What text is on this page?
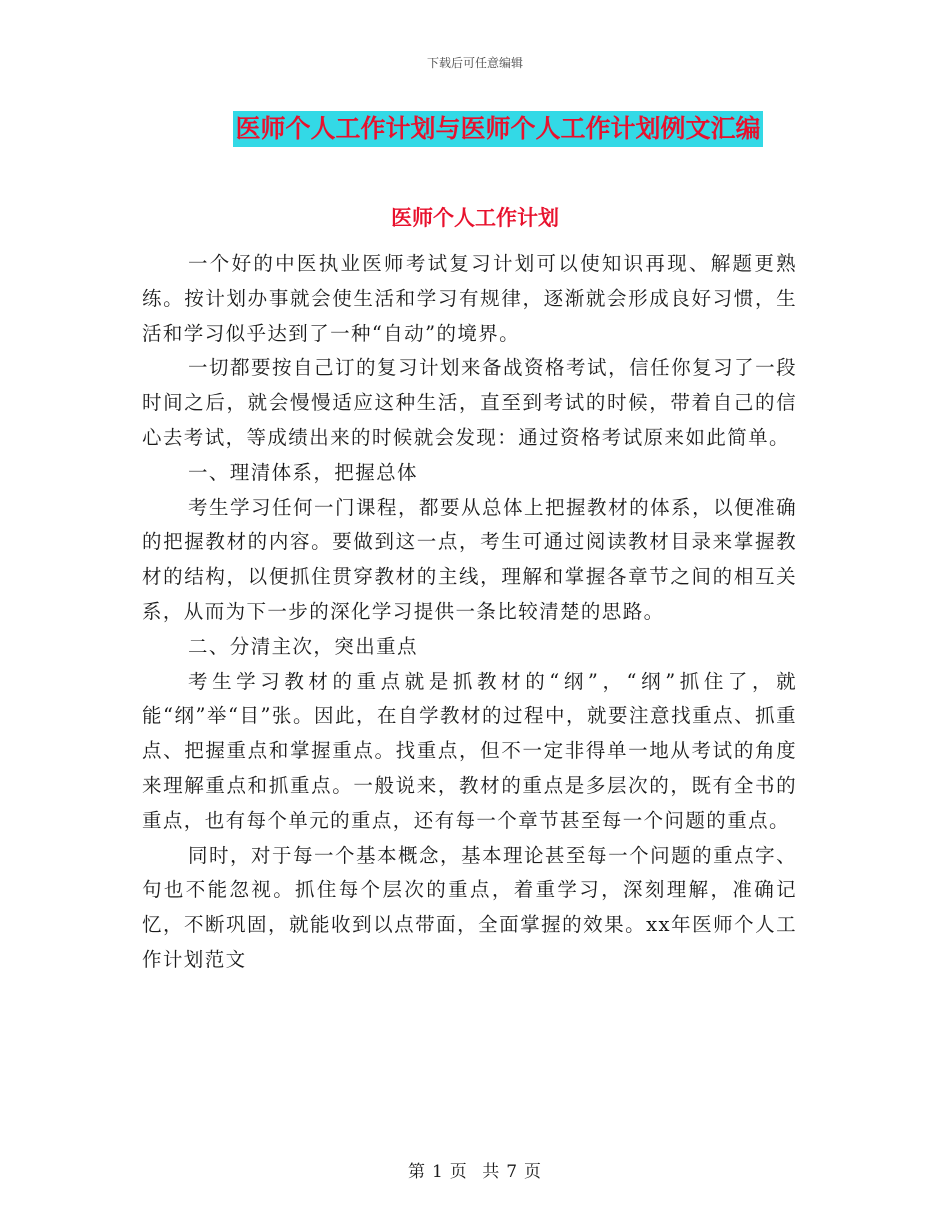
下载后可任意编辑
医师个人工作计划与医师个人工作计划例文汇编
医师个人工作计划

一个好的中医执业医师考试复习计划可以使知识再现、解题更熟练。按计划办事就会使生活和学习有规律，逐渐就会形成良好习惯，生活和学习似乎达到了一种“自动”的境界。

一切都要按自己订的复习计划来备战资格考试，信任你复习了一段时间之后，就会慢慢适应这种生活，直至到考试的时候，带着自己的信心去考试，等成绩出来的时候就会发现：通过资格考试原来如此简单。

一、理清体系，把握总体

考生学习任何一门课程，都要从总体上把握教材的体系，以便准确的把握教材的内容。要做到这一点，考生可通过阅读教材目录来掌握教材的结构，以便抓住贯穿教材的主线，理解和掌握各章节之间的相互关系，从而为下一步的深化学习提供一条比较清楚的思路。

二、分清主次，突出重点

考生学习教材的重点就是抓教材的“纲”，“纲”抓住了，就能“纲”举“目”张。因此，在自学教材的过程中，就要注意找重点、抓重点、把握重点和掌握重点。找重点，但不一定非得单一地从考试的角度来理解重点和抓重点。一般说来，教材的重点是多层次的，既有全书的重点，也有每个单元的重点，还有每一个章节甚至每一个问题的重点。

同时，对于每一个基本概念，基本理论甚至每一个问题的重点字、句也不能忽视。抓住每个层次的重点，着重学习，深刻理解，准确记忆，不断巩固，就能收到以点带面，全面掌握的效果。xx年医师个人工作计划范文

第 1 页 共 7 页
